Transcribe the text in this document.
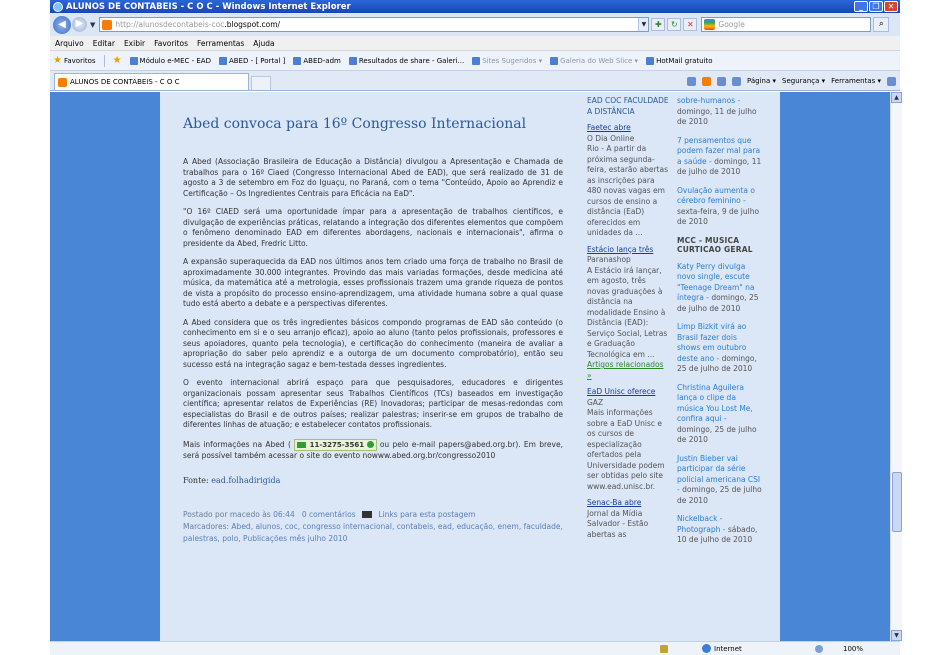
ALUNOS DE CONTABEIS - C O C - Windows Internet Explorer	_	❐	✕
◀ ▶ ▼	http://alunosdecontabeis-coc .blogspot.com/	▼	✚	↻	✕	Google	⌕
Arquivo Editar Exibir Favoritos Ferramentas Ajuda
★ Favoritos ★	Módulo e-MEC - EAD	ABED - [ Portal ]	ABED-adm	Resultados de share - Galeri...	Sites Sugeridos ▾	Galeria do Web Slice ▾	HotMail gratuito
ALUNOS DE CONTABEIS - C O C	Página ▾ Segurança ▾ Ferramentas ▾
Abed convoca para 16º Congresso Internacional

A Abed (Associação Brasileira de Educação a Distância) divulgou a Apresentação e Chamada de trabalhos para o 16º Ciaed (Congresso Internacional Abed de EAD), que será realizado de 31 de agosto a 3 de setembro em Foz do Iguaçu, no Paraná, com o tema "Conteúdo, Apoio ao Aprendiz e Certificação – Os Ingredientes Centrais para Eficácia na EaD".

"O 16º CIAED será uma oportunidade ímpar para a apresentação de trabalhos científicos, e divulgação de experiências práticas, relatando a integração dos diferentes elementos que compõem o fenômeno denominado EAD em diferentes abordagens, nacionais e internacionais", afirma o presidente da Abed, Fredric Litto.

A expansão superaquecida da EAD nos últimos anos tem criado uma força de trabalho no Brasil de aproximadamente 30.000 integrantes. Provindo das mais variadas formações, desde medicina até música, da matemática até a metrologia, esses profissionais trazem uma grande riqueza de pontos de vista a propósito do processo ensino-aprendizagem, uma atividade humana sobre a qual quase tudo está aberto a debate e a perspectivas diferentes.

A Abed considera que os três ingredientes básicos compondo programas de EAD são conteúdo (o conhecimento em si e o seu arranjo eficaz), apoio ao aluno (tanto pelos profissionais, professores e seus apoiadores, quanto pela tecnologia), e certificação do conhecimento (maneira de avaliar a apropriação do saber pelo aprendiz e a outorga de um documento comprobatório), então seu sucesso está na integração sagaz e bem-testada desses ingredientes.

O evento internacional abrirá espaço para que pesquisadores, educadores e dirigentes organizacionais possam apresentar seus Trabalhos Científicos (TCs) baseados em investigação científica; apresentar relatos de Experiências (RE) Inovadoras; participar de mesas-redondas com especialistas do Brasil e de outros países; realizar palestras; inserir-se em grupos de trabalho de diferentes linhas de atuação; e estabelecer contatos profissionais.

Mais informações na Abed (	11-3275-3561 ou pelo e-mail papers@abed.org.br). Em breve, será possível também acessar o site do evento nowww.abed.org.br/congresso2010

Fonte: ead.folhadirigida
Postado por macedo às 06:44 0 comentários	Links para esta postagem
Marcadores: Abed, alunos, coc, congresso internacional, contabeis, ead, educação, enem, faculdade, palestras, polo, Publicações mês julho 2010
EAD COC FACULDADE A DISTÂNCIA
Faetec abre
O Dia Online
Rio - A partir da próxima segunda-feira, estarão abertas as inscrições para 480 novas vagas em cursos de ensino a distância (EaD) oferecidos em unidades da ...
Estácio lança três
Paranashop
A Estácio irá lançar, em agosto, três novas graduações à distância na modalidade Ensino à Distância (EAD): Serviço Social, Letras e Graduação Tecnológica em ...
Artigos relacionados »
EaD Unisc oferece
GAZ
Mais informações sobre a EaD Unisc e os cursos de especialização ofertados pela Universidade podem ser obtidas pelo site www.ead.unisc.br.
Senac-Ba abre
Jornal da Mídia
Salvador - Estão abertas as
sobre-humanos - domingo, 11 de julho de 2010
7 pensamentos que podem fazer mal para a saúde - domingo, 11 de julho de 2010
Ovulação aumenta o cérebro feminino - sexta-feira, 9 de julho de 2010
MCC - MUSICA CURTICAO GERAL
Katy Perry divulga novo single, escute "Teenage Dream" na íntegra - domingo, 25 de julho de 2010
Limp Bizkit virá ao Brasil fazer dois shows em outubro deste ano - domingo, 25 de julho de 2010
Christina Aguilera lança o clipe da música You Lost Me, confira aqui - domingo, 25 de julho de 2010
Justin Bieber vai participar da série policial americana CSI - domingo, 25 de julho de 2010
Nickelback - Photograph - sábado, 10 de julho de 2010
▲
▼
Internet	100%
